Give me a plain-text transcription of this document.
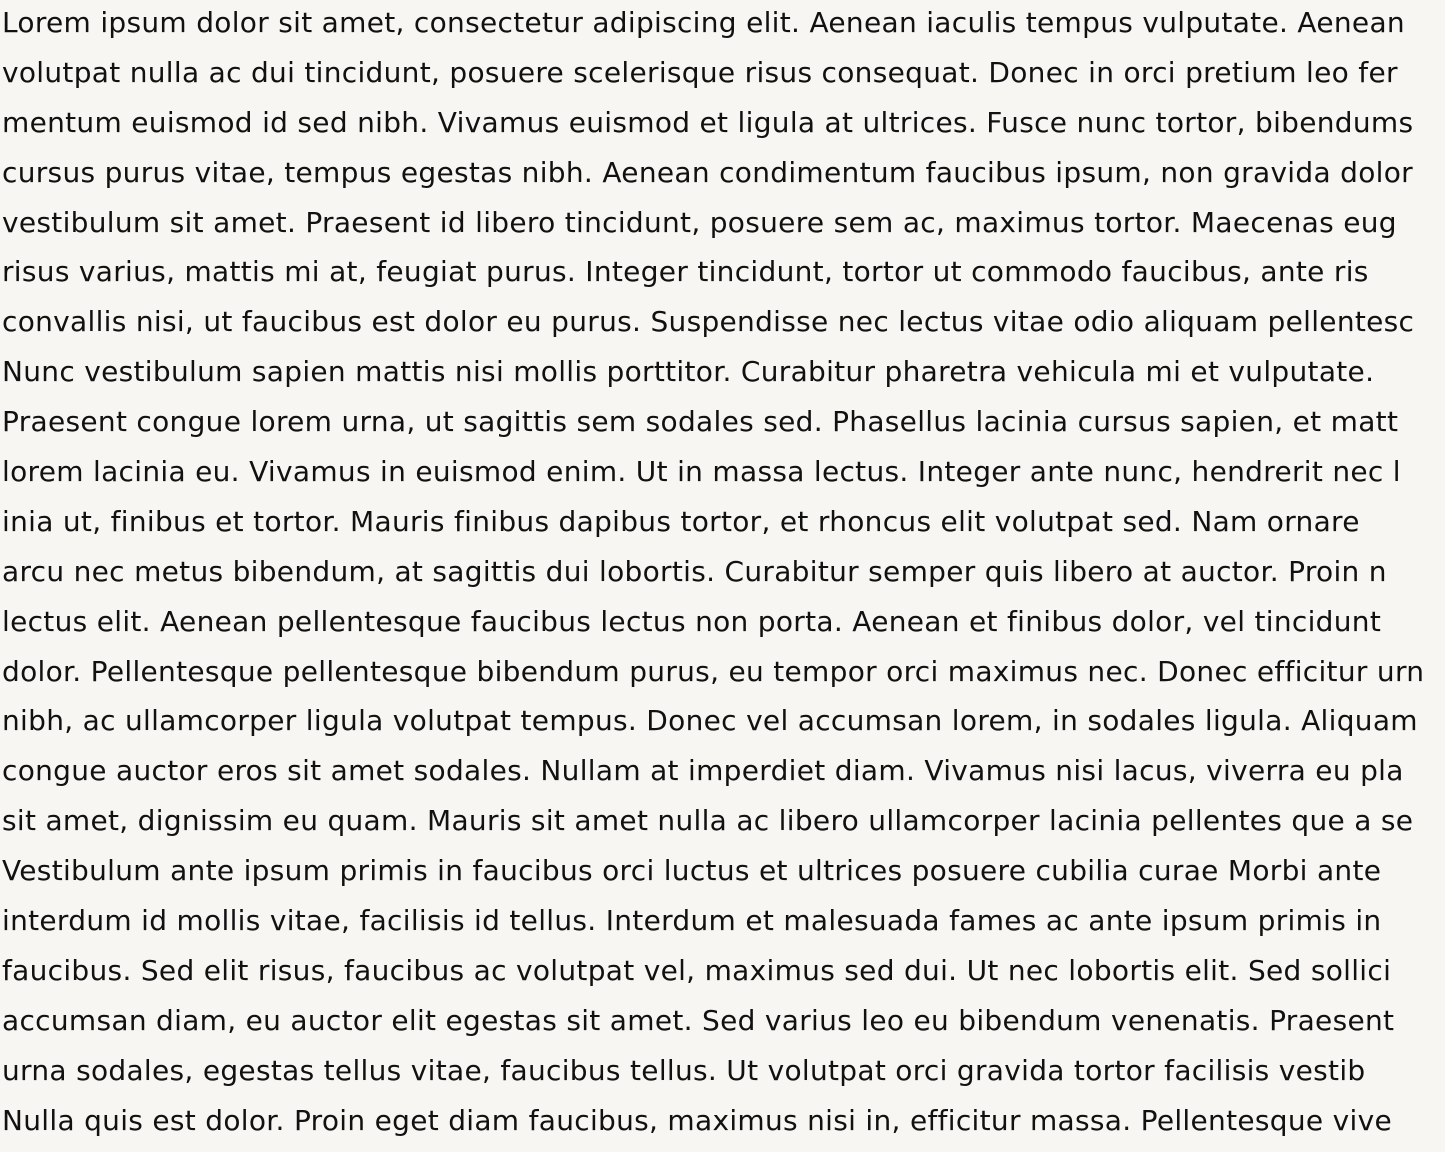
Lorem ipsum dolor sit amet, consectetur adipiscing elit. Aenean iaculis tempus vulputate. Aenean
volutpat nulla ac dui tincidunt, posuere scelerisque risus consequat. Donec in orci pretium leo fer
mentum euismod id sed nibh. Vivamus euismod et ligula at ultrices. Fusce nunc tortor, bibendums
cursus purus vitae, tempus egestas nibh. Aenean condimentum faucibus ipsum, non gravida dolor
vestibulum sit amet. Praesent id libero tincidunt, posuere sem ac, maximus tortor. Maecenas eug
risus varius, mattis mi at, feugiat purus. Integer tincidunt, tortor ut commodo faucibus, ante ris
convallis nisi, ut faucibus est dolor eu purus. Suspendisse nec lectus vitae odio aliquam pellentesc
Nunc vestibulum sapien mattis nisi mollis porttitor. Curabitur pharetra vehicula mi et vulputate.
Praesent congue lorem urna, ut sagittis sem sodales sed. Phasellus lacinia cursus sapien, et matt
lorem lacinia eu. Vivamus in euismod enim. Ut in massa lectus. Integer ante nunc, hendrerit nec l
inia ut, finibus et tortor. Mauris finibus dapibus tortor, et rhoncus elit volutpat sed. Nam ornare
arcu nec metus bibendum, at sagittis dui lobortis. Curabitur semper quis libero at auctor. Proin n
lectus elit. Aenean pellentesque faucibus lectus non porta. Aenean et finibus dolor, vel tincidunt
dolor. Pellentesque pellentesque bibendum purus, eu tempor orci maximus nec. Donec efficitur urn
nibh, ac ullamcorper ligula volutpat tempus. Donec vel accumsan lorem, in sodales ligula. Aliquam
congue auctor eros sit amet sodales. Nullam at imperdiet diam. Vivamus nisi lacus, viverra eu pla
sit amet, dignissim eu quam. Mauris sit amet nulla ac libero ullamcorper lacinia pellentes que a se
Vestibulum ante ipsum primis in faucibus orci luctus et ultrices posuere cubilia curae Morbi ante
interdum id mollis vitae, facilisis id tellus. Interdum et malesuada fames ac ante ipsum primis in
faucibus. Sed elit risus, faucibus ac volutpat vel, maximus sed dui. Ut nec lobortis elit. Sed sollici
accumsan diam, eu auctor elit egestas sit amet. Sed varius leo eu bibendum venenatis. Praesent
urna sodales, egestas tellus vitae, faucibus tellus. Ut volutpat orci gravida tortor facilisis vestib
Nulla quis est dolor. Proin eget diam faucibus, maximus nisi in, efficitur massa. Pellentesque vive
